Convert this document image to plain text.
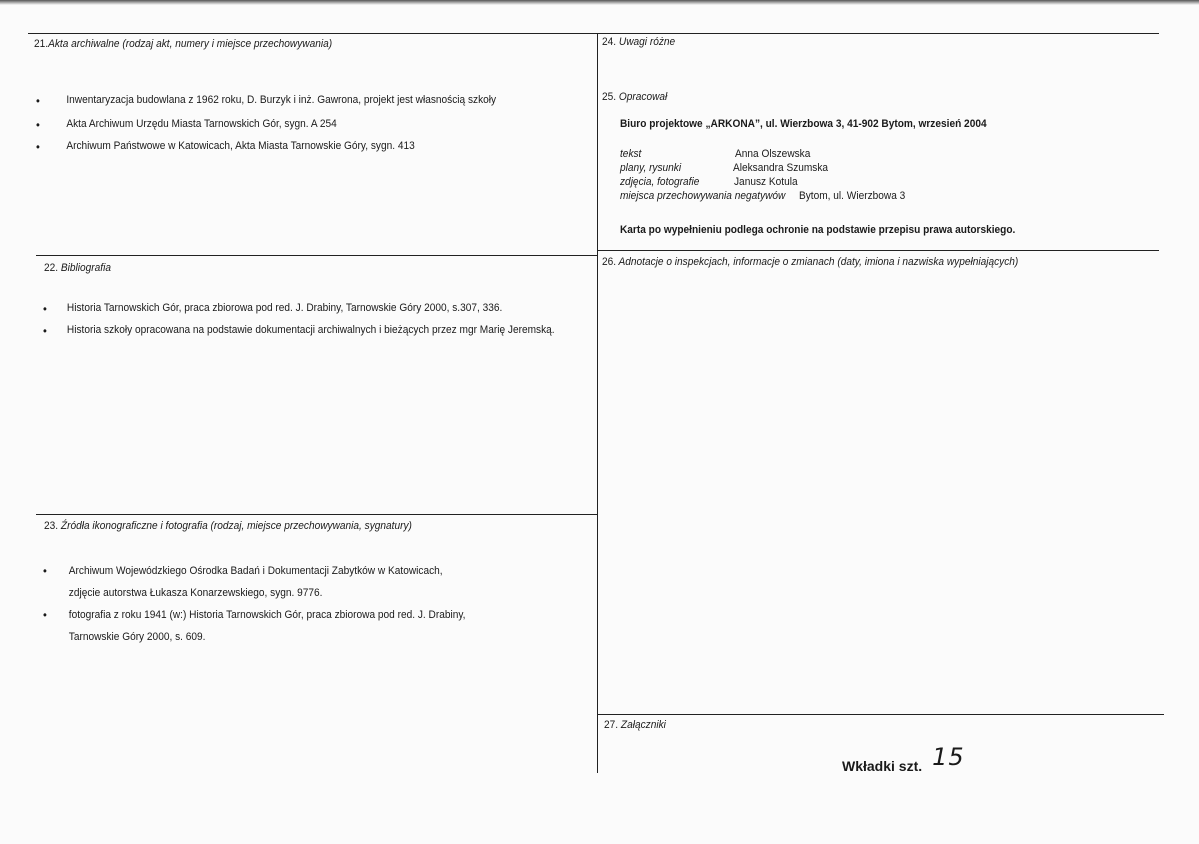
21.Akta archiwalne (rodzaj akt, numery i miejsce przechowywania)
• Inwentaryzacja budowlana z 1962 roku, D. Burzyk i inż. Gawrona, projekt jest własnością szkoły
• Akta Archiwum Urzędu Miasta Tarnowskich Gór, sygn. A 254
• Archiwum Państwowe w Katowicach, Akta Miasta Tarnowskie Góry, sygn. 413
22. Bibliografia
• Historia Tarnowskich Gór, praca zbiorowa pod red. J. Drabiny, Tarnowskie Góry 2000, s.307, 336.
• Historia szkoły opracowana na podstawie dokumentacji archiwalnych i bieżących przez mgr Marię Jeremską.
23. Źródła ikonograficzne i fotografia (rodzaj, miejsce przechowywania, sygnatury)
• Archiwum Wojewódzkiego Ośrodka Badań i Dokumentacji Zabytków w Katowicach,
zdjęcie autorstwa Łukasza Konarzewskiego, sygn. 9776.
• fotografia z roku 1941 (w:) Historia Tarnowskich Gór, praca zbiorowa pod red. J. Drabiny,
Tarnowskie Góry 2000, s. 609.
24. Uwagi różne
25. Opracował
Biuro projektowe „ARKONA”, ul. Wierzbowa 3, 41-902 Bytom, wrzesień 2004
tekst	Anna Olszewska
plany, rysunki	Aleksandra Szumska
zdjęcia, fotografie	Janusz Kotula
miejsca przechowywania negatywów Bytom, ul. Wierzbowa 3
Karta po wypełnieniu podlega ochronie na podstawie przepisu prawa autorskiego.
26. Adnotacje o inspekcjach, informacje o zmianach (daty, imiona i nazwiska wypełniających)
27. Załączniki
Wkładki szt. 15
